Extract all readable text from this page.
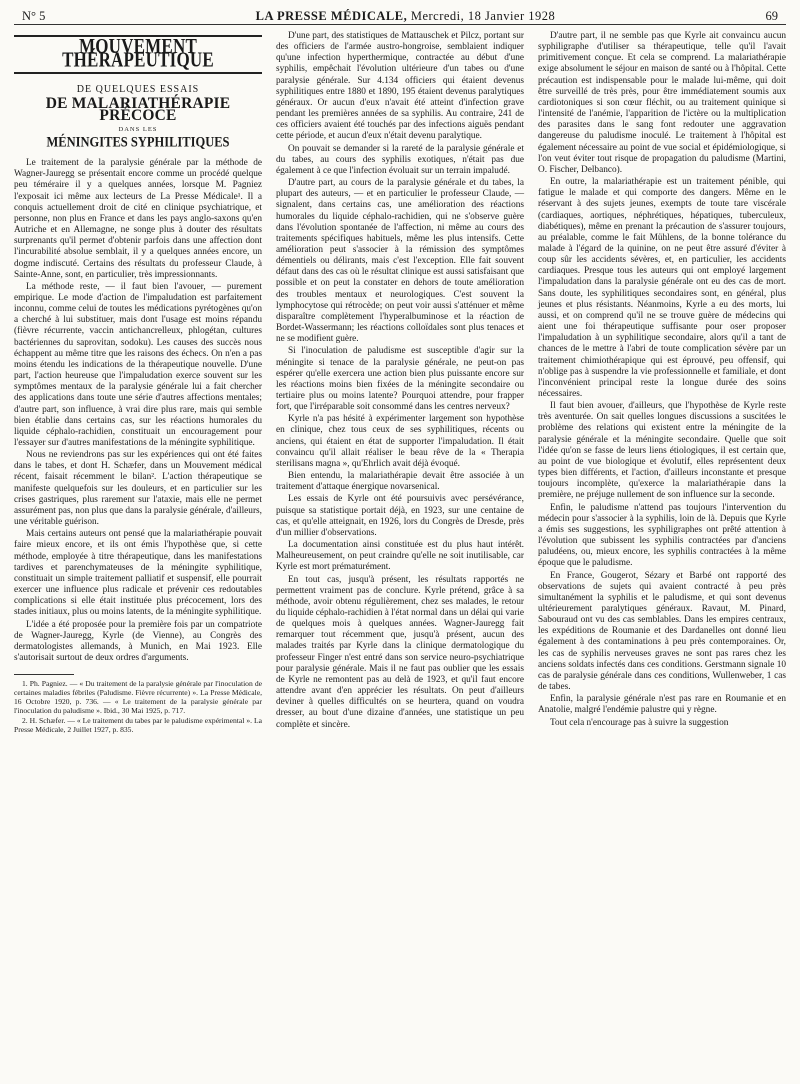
N° 5	LA PRESSE MÉDICALE, Mercredi, 18 Janvier 1928	69
MOUVEMENT THÉRAPEUTIQUE
DE QUELQUES ESSAIS
DE MALARIATHÉRAPIE PRÉCOCE
DANS LES
MÉNINGITES SYPHILITIQUES

Le traitement de la paralysie générale par la méthode de Wagner-Jauregg se présentait encore comme un procédé quelque peu téméraire il y a quelques années, lorsque M. Pagniez l'exposait ici même aux lecteurs de La Presse Médicale¹. Il a conquis actuellement droit de cité en clinique psychiatrique, et personne, non plus en France et dans les pays anglo-saxons qu'en Autriche et en Allemagne, ne songe plus à douter des résultats surprenants qu'il permet d'obtenir parfois dans une affection dont l'incurabilité absolue semblait, il y a quelques années encore, un dogme indiscuté. Certains des résultats du professeur Claude, à Sainte-Anne, sont, en particulier, très impressionnants.

La méthode reste, — il faut bien l'avouer, — purement empirique. Le mode d'action de l'impaludation est parfaitement inconnu, comme celui de toutes les médications pyrétogènes qu'on a cherché à lui substituer, mais dont l'usage est moins répandu (fièvre récurrente, vaccin antichancrelleux, phlogétan, cultures bactériennes du saprovitan, sodoku). Les causes des succès nous échappent au même titre que les raisons des échecs. On n'en a pas moins étendu les indications de la thérapeutique nouvelle. D'une part, l'action heureuse que l'impaludation exerce souvent sur les symptômes mentaux de la paralysie générale lui a fait chercher des applications dans toute une série d'autres affections mentales; d'autre part, son influence, à vrai dire plus rare, mais qui semble bien établie dans certains cas, sur les réactions humorales du liquide céphalo-rachidien, constituait un encouragement pour l'essayer sur d'autres manifestations de la méningite syphilitique.

Nous ne reviendrons pas sur les expériences qui ont été faites dans le tabes, et dont H. Schæfer, dans un Mouvement médical récent, faisait récemment le bilan². L'action thérapeutique se manifeste quelquefois sur les douleurs, et en particulier sur les crises gastriques, plus rarement sur l'ataxie, mais elle ne permet assurément pas, non plus que dans la paralysie générale, d'ailleurs, une véritable guérison.

Mais certains auteurs ont pensé que la malariathérapie pouvait faire mieux encore, et ils ont émis l'hypothèse que, si cette méthode, employée à titre thérapeutique, dans les manifestations tardives et parenchymateuses de la méningite syphilitique, constituait un simple traitement palliatif et suspensif, elle pourrait exercer une influence plus radicale et prévenir ces redoutables complications si elle était instituée plus précocement, lors des stades initiaux, plus ou moins latents, de la méningite syphilitique.

L'idée a été proposée pour la première fois par un compatriote de Wagner-Jauregg, Kyrle (de Vienne), au Congrès des dermatologistes allemands, à Munich, en Mai 1923. Elle s'autorisait surtout de deux ordres d'arguments.

1. Ph. Pagniez. — « Du traitement de la paralysie générale par l'inoculation de certaines maladies fébriles (Paludisme. Fièvre récurrente) ». La Presse Médicale, 16 Octobre 1920, p. 736. — « Le traitement de la paralysie générale par l'inoculation du paludisme ». Ibid., 30 Mai 1925, p. 717.

2. H. Schæfer. — « Le traitement du tabes par le paludisme expérimental ». La Presse Médicale, 2 Juillet 1927, p. 835.

D'une part, des statistiques de Mattauschek et Pilcz, portant sur des officiers de l'armée austro-hongroise, semblaient indiquer qu'une infection hyperthermique, contractée au début d'une syphilis, empêchait l'évolution ultérieure d'un tabes ou d'une paralysie générale. Sur 4.134 officiers qui étaient devenus syphilitiques entre 1880 et 1890, 195 étaient devenus paralytiques généraux. Or aucun d'eux n'avait été atteint d'infection grave pendant les premières années de sa syphilis. Au contraire, 241 de ces officiers avaient été touchés par des infections aiguës pendant cette période, et aucun d'eux n'était devenu paralytique.

On pouvait se demander si la rareté de la paralysie générale et du tabes, au cours des syphilis exotiques, n'était pas due également à ce que l'infection évoluait sur un terrain impaludé.

D'autre part, au cours de la paralysie générale et du tabes, la plupart des auteurs, — et en particulier le professeur Claude, — signalent, dans certains cas, une amélioration des réactions humorales du liquide céphalo-rachidien, qui ne s'observe guère dans l'évolution spontanée de l'affection, ni même au cours des traitements spécifiques habituels, même les plus intensifs. Cette amélioration peut s'associer à la rémission des symptômes démentiels ou délirants, mais c'est l'exception. Elle fait souvent défaut dans des cas où le résultat clinique est aussi satisfaisant que possible et on peut la constater en dehors de toute amélioration des troubles mentaux et neurologiques. C'est souvent la lymphocytose qui rétrocède; on peut voir aussi s'atténuer et même disparaître complètement l'hyperalbuminose et la réaction de Bordet-Wassermann; les réactions colloïdales sont plus tenaces et ne se modifient guère.

Si l'inoculation de paludisme est susceptible d'agir sur la méningite si tenace de la paralysie générale, ne peut-on pas espérer qu'elle exercera une action bien plus puissante encore sur les réactions moins bien fixées de la méningite secondaire ou tertiaire plus ou moins latente? Pourquoi attendre, pour frapper fort, que l'irréparable soit consommé dans les centres nerveux?

Kyrle n'a pas hésité à expérimenter largement son hypothèse en clinique, chez tous ceux de ses syphilitiques, récents ou anciens, qui étaient en état de supporter l'impaludation. Il était convaincu qu'il allait réaliser le beau rêve de la « Therapia sterilisans magna », qu'Ehrlich avait déjà évoqué.

Bien entendu, la malariathérapie devait être associée à un traitement d'attaque énergique novarsenical.

Les essais de Kyrle ont été poursuivis avec persévérance, puisque sa statistique portait déjà, en 1923, sur une centaine de cas, et qu'elle atteignait, en 1926, lors du Congrès de Dresde, près d'un millier d'observations.

La documentation ainsi constituée est du plus haut intérêt. Malheureusement, on peut craindre qu'elle ne soit inutilisable, car Kyrle est mort prématurément.

En tout cas, jusqu'à présent, les résultats rapportés ne permettent vraiment pas de conclure. Kyrle prétend, grâce à sa méthode, avoir obtenu régulièrement, chez ses malades, le retour du liquide céphalo-rachidien à l'état normal dans un délai qui varie de quelques mois à quelques années. Wagner-Jauregg fait remarquer tout récemment que, jusqu'à présent, aucun des malades traités par Kyrle dans la clinique dermatologique du professeur Finger n'est entré dans son service neuro-psychiatrique pour paralysie générale. Mais il ne faut pas oublier que les essais de Kyrle ne remontent pas au delà de 1923, et qu'il faut encore attendre avant d'en apprécier les résultats. On peut d'ailleurs deviner à quelles difficultés on se heurtera, quand on voudra dresser, au bout d'une dizaine d'années, une statistique un peu complète et sincère.

D'autre part, il ne semble pas que Kyrle ait convaincu aucun syphiligraphe d'utiliser sa thérapeutique, telle qu'il l'avait primitivement conçue. Et cela se comprend. La malariathérapie exige absolument le séjour en maison de santé ou à l'hôpital. Cette précaution est indispensable pour le malade lui-même, qui doit être surveillé de très près, pour être immédiatement soumis aux cardiotoniques si son cœur fléchit, ou au traitement quinique si l'intensité de l'anémie, l'apparition de l'ictère ou la multiplication des parasites dans le sang font redouter une aggravation dangereuse du paludisme inoculé. Le traitement à l'hôpital est également nécessaire au point de vue social et épidémiologique, si l'on veut éviter tout risque de propagation du paludisme (Martini, O. Fischer, Delbanco).

En outre, la malariathérapie est un traitement pénible, qui fatigue le malade et qui comporte des dangers. Même en le réservant à des sujets jeunes, exempts de toute tare viscérale (cardiaques, aortiques, néphrétiques, hépatiques, tuberculeux, diabétiques), même en prenant la précaution de s'assurer toujours, au préalable, comme le fait Mühlens, de la bonne tolérance du malade à l'égard de la quinine, on ne peut être assuré d'éviter à coup sûr les accidents sévères, et, en particulier, les accidents cardiaques. Presque tous les auteurs qui ont employé largement l'impaludation dans la paralysie générale ont eu des cas de mort. Sans doute, les syphilitiques secondaires sont, en général, plus jeunes et plus résistants. Néanmoins, Kyrle a eu des morts, lui aussi, et on comprend qu'il ne se trouve guère de médecins qui aient une foi thérapeutique suffisante pour oser proposer l'impaludation à un syphilitique secondaire, alors qu'il a tant de chances de le mettre à l'abri de toute complication sévère par un traitement chimiothérapique qui est éprouvé, peu offensif, qui n'oblige pas à suspendre la vie professionnelle et familiale, et dont l'inconvénient principal reste la longue durée des soins nécessaires.

Il faut bien avouer, d'ailleurs, que l'hypothèse de Kyrle reste très aventurée. On sait quelles longues discussions a suscitées le problème des relations qui existent entre la méningite de la paralysie générale et la méningite secondaire. Quelle que soit l'idée qu'on se fasse de leurs liens étiologiques, il est certain que, au point de vue biologique et évolutif, elles représentent deux types bien différents, et l'action, d'ailleurs inconstante et presque toujours incomplète, qu'exerce la malariathérapie dans la première, ne préjuge nullement de son influence sur la seconde.

Enfin, le paludisme n'attend pas toujours l'intervention du médecin pour s'associer à la syphilis, loin de là. Depuis que Kyrle a émis ses suggestions, les syphiligraphes ont prêté attention à l'évolution que subissent les syphilis contractées par d'anciens paludéens, ou, mieux encore, les syphilis contractées à la même époque que le paludisme.

En France, Gougerot, Sézary et Barbé ont rapporté des observations de sujets qui avaient contracté à peu près simultanément la syphilis et le paludisme, et qui sont devenus ultérieurement paralytiques généraux. Ravaut, M. Pinard, Sabouraud ont vu des cas semblables. Dans les empires centraux, les expéditions de Roumanie et des Dardanelles ont donné lieu également à des contaminations à peu près contemporaines. Or, les cas de syphilis nerveuses graves ne sont pas rares chez les anciens soldats infectés dans ces conditions. Gerstmann signale 10 cas de paralysie générale dans ces conditions, Wullenweber, 1 cas de tabes.

Enfin, la paralysie générale n'est pas rare en Roumanie et en Anatolie, malgré l'endémie palustre qui y règne.

Tout cela n'encourage pas à suivre la suggestion
